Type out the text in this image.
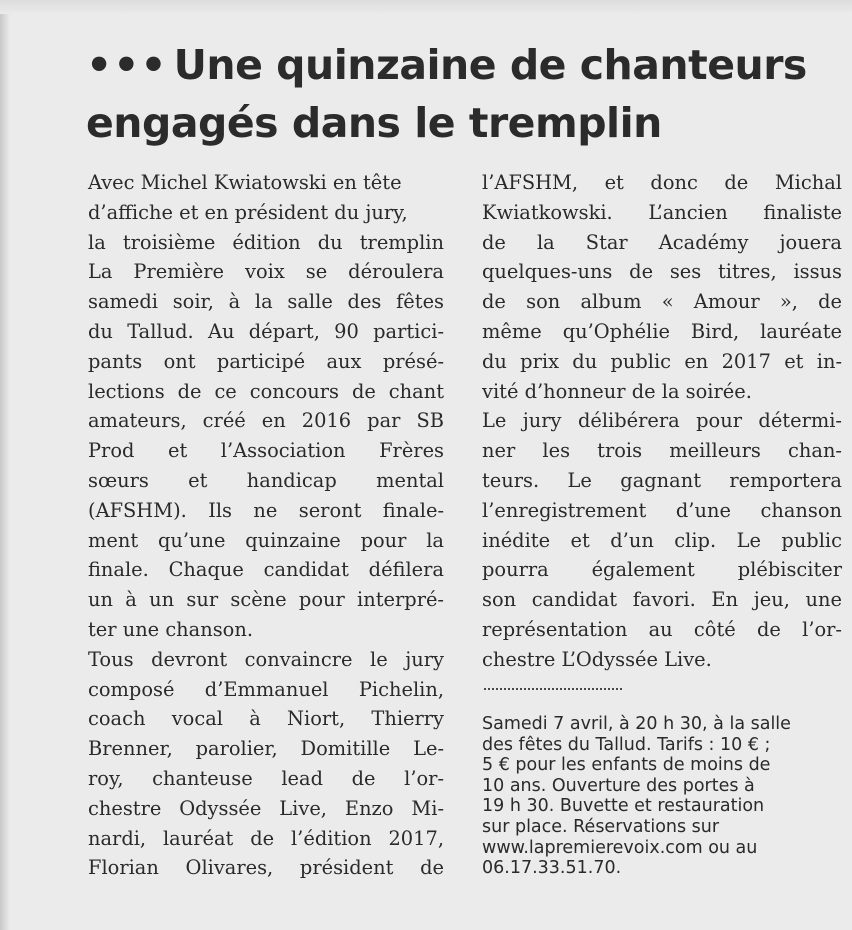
••• Une quinzaine de chanteurs
engagés dans le tremplin
Avec Michel Kwiatowski en tête
d’affiche et en président du jury,
la troisième édition du tremplin
La Première voix se déroulera
samedi soir, à la salle des fêtes
du Tallud. Au départ, 90 partici-
pants ont participé aux présé-
lections de ce concours de chant
amateurs, créé en 2016 par SB
Prod et l’Association Frères
sœurs et handicap mental
(AFSHM). Ils ne seront finale-
ment qu’une quinzaine pour la
finale. Chaque candidat défilera
un à un sur scène pour interpré-
ter une chanson.
Tous devront convaincre le jury
composé d’Emmanuel Pichelin,
coach vocal à Niort, Thierry
Brenner, parolier, Domitille Le-
roy, chanteuse lead de l’or-
chestre Odyssée Live, Enzo Mi-
nardi, lauréat de l’édition 2017,
Florian Olivares, président de
l’AFSHM, et donc de Michal
Kwiatkowski. L’ancien finaliste
de la Star Académy jouera
quelques-uns de ses titres, issus
de son album « Amour », de
même qu’Ophélie Bird, lauréate
du prix du public en 2017 et in-
vité d’honneur de la soirée.
Le jury délibérera pour détermi-
ner les trois meilleurs chan-
teurs. Le gagnant remportera
l’enregistrement d’une chanson
inédite et d’un clip. Le public
pourra également plébisciter
son candidat favori. En jeu, une
représentation au côté de l’or-
chestre L’Odyssée Live.
Samedi 7 avril, à 20 h 30, à la salle
des fêtes du Tallud. Tarifs : 10 € ;
5 € pour les enfants de moins de
10 ans. Ouverture des portes à
19 h 30. Buvette et restauration
sur place. Réservations sur
www.lapremierevoix.com ou au
06.17.33.51.70.
